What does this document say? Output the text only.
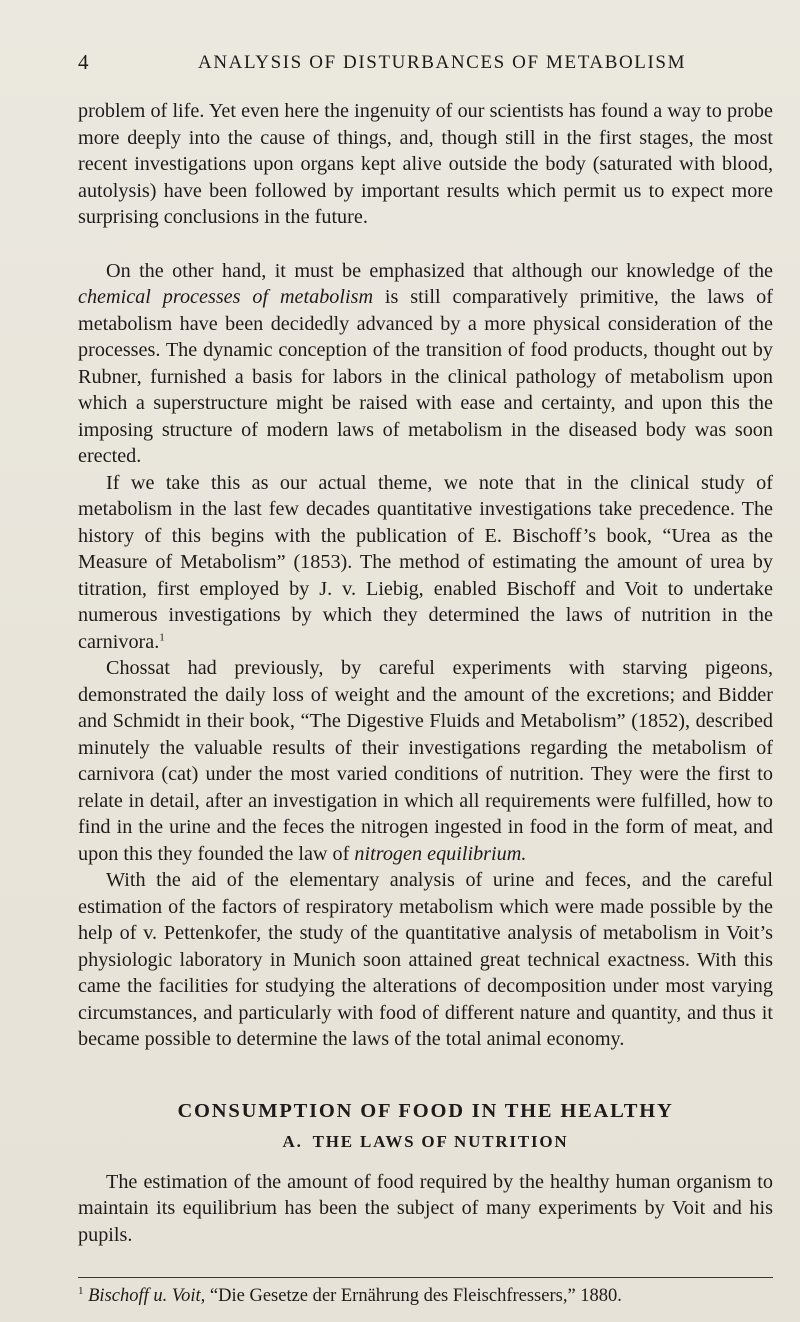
4	ANALYSIS OF DISTURBANCES OF METABOLISM

problem of life. Yet even here the ingenuity of our scientists has found a way to probe more deeply into the cause of things, and, though still in the first stages, the most recent investigations upon organs kept alive outside the body (saturated with blood, autolysis) have been followed by important results which permit us to expect more surprising conclusions in the future.

On the other hand, it must be emphasized that although our knowledge of the chemical processes of metabolism is still comparatively primitive, the laws of metabolism have been decidedly advanced by a more physical consideration of the processes. The dynamic conception of the transition of food products, thought out by Rubner, furnished a basis for labors in the clinical pathology of metabolism upon which a superstructure might be raised with ease and certainty, and upon this the imposing structure of modern laws of metabolism in the diseased body was soon erected.

If we take this as our actual theme, we note that in the clinical study of metabolism in the last few decades quantitative investigations take precedence. The history of this begins with the publication of E. Bischoff’s book, “Urea as the Measure of Metabolism” (1853). The method of estimating the amount of urea by titration, first employed by J. v. Liebig, enabled Bischoff and Voit to undertake numerous investigations by which they determined the laws of nutrition in the carnivora.$^1$

Chossat had previously, by careful experiments with starving pigeons, demonstrated the daily loss of weight and the amount of the excretions; and Bidder and Schmidt in their book, “The Digestive Fluids and Metabolism” (1852), described minutely the valuable results of their investigations regarding the metabolism of carnivora (cat) under the most varied conditions of nutrition. They were the first to relate in detail, after an investigation in which all requirements were fulfilled, how to find in the urine and the feces the nitrogen ingested in food in the form of meat, and upon this they founded the law of nitrogen equilibrium.

With the aid of the elementary analysis of urine and feces, and the careful estimation of the factors of respiratory metabolism which were made possible by the help of v. Pettenkofer, the study of the quantitative analysis of metabolism in Voit’s physiologic laboratory in Munich soon attained great technical exactness. With this came the facilities for studying the alterations of decomposition under most varying circumstances, and particularly with food of different nature and quantity, and thus it became possible to determine the laws of the total animal economy.

CONSUMPTION OF FOOD IN THE HEALTHY
A. THE LAWS OF NUTRITION

The estimation of the amount of food required by the healthy human organism to maintain its equilibrium has been the subject of many experiments by Voit and his pupils.

$^1$ Bischoff u. Voit, “Die Gesetze der Ernährung des Fleischfressers,” 1880.
